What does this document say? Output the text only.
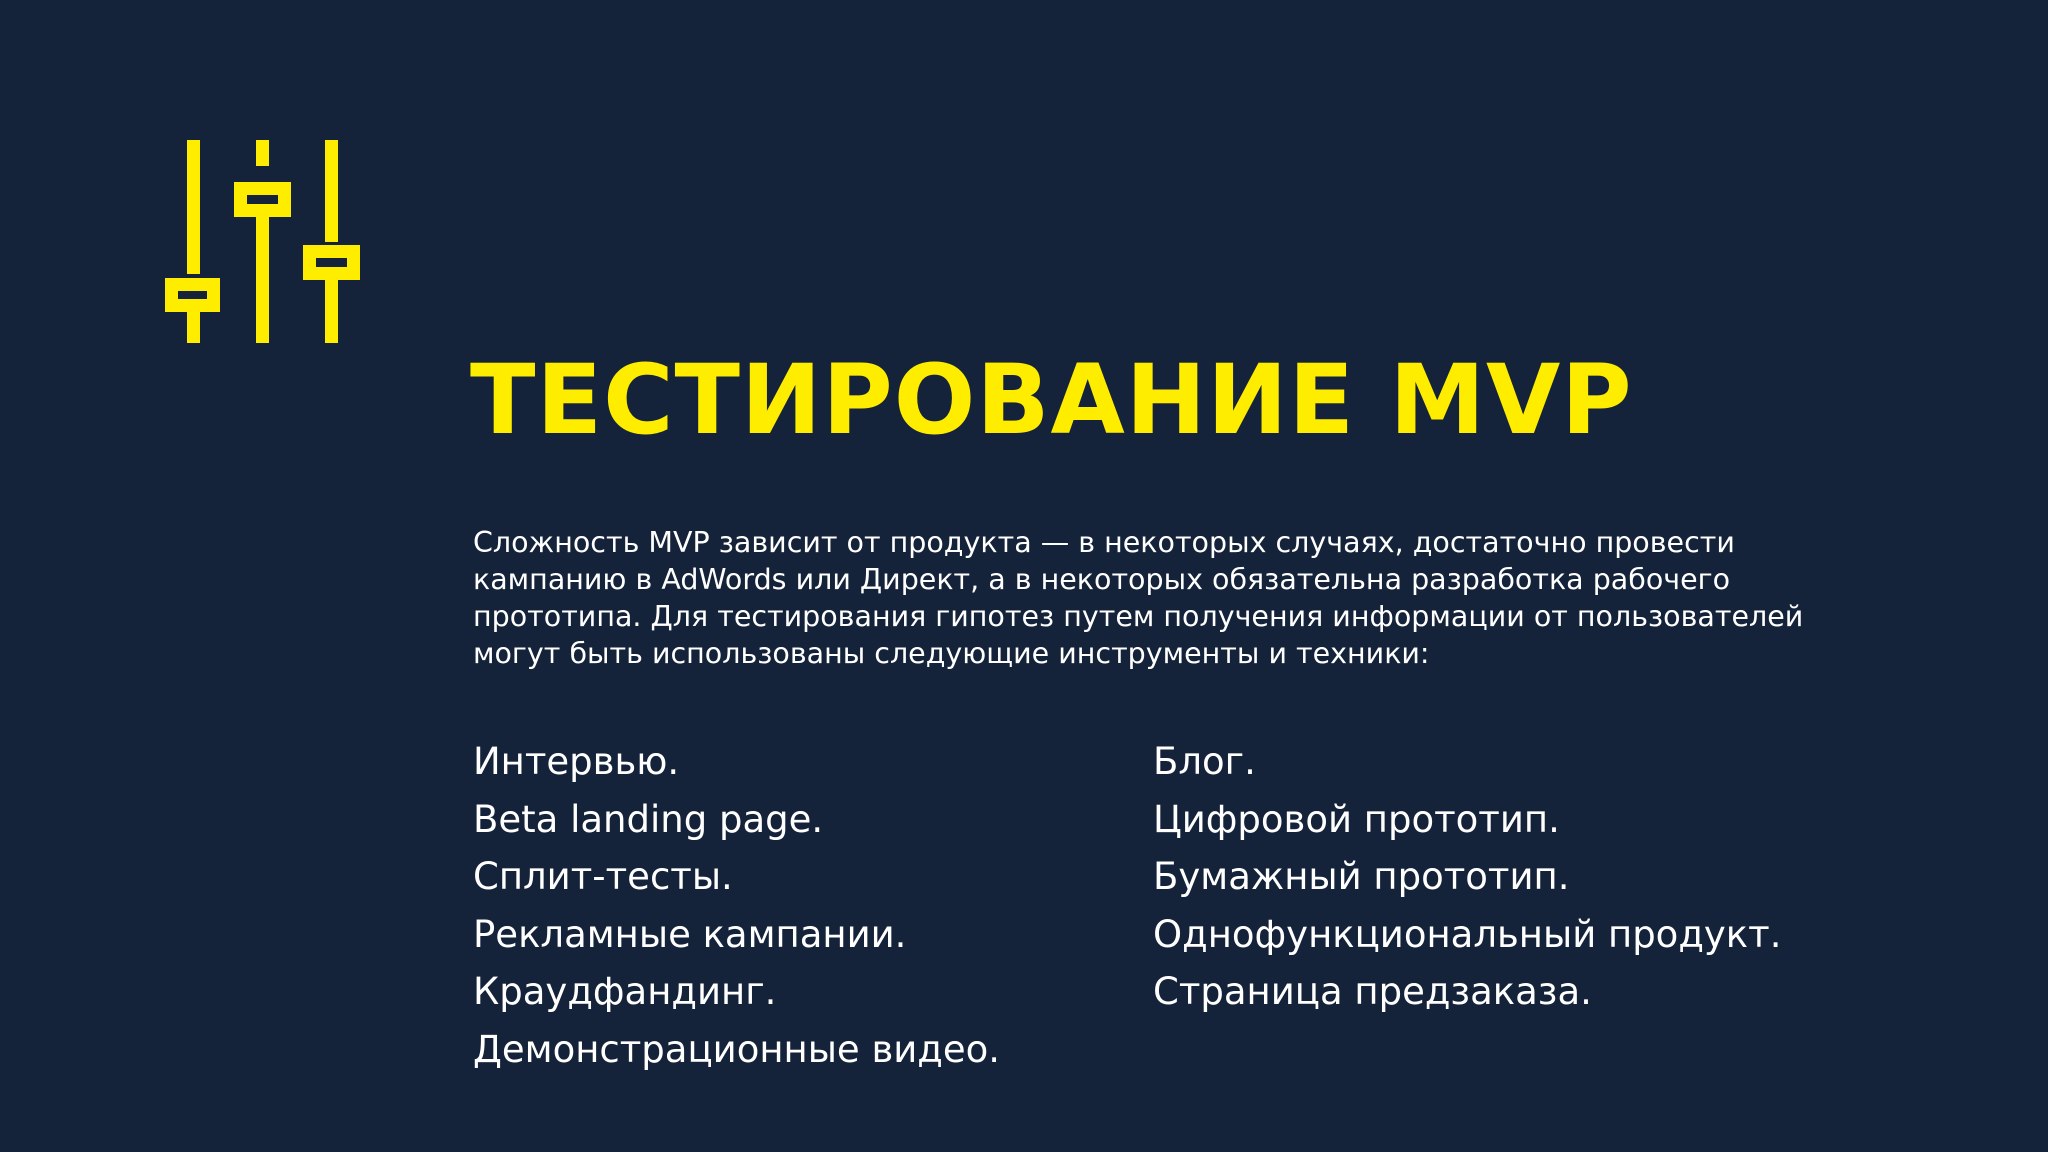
ТЕСТИРОВАНИЕ MVP

Сложность MVP зависит от продукта — в некоторых случаях, достаточно провести кампанию в AdWords или Директ, а в некоторых обязательна разработка рабочего прототипа. Для тестирования гипотез путем получения информации от пользователей могут быть использованы следующие инструменты и техники:

Интервью.
Beta landing page.
Сплит-тесты.
Рекламные кампании.
Краудфандинг.
Демонстрационные видео.
Блог.
Цифровой прототип.
Бумажный прототип.
Однофункциональный продукт.
Страница предзаказа.
